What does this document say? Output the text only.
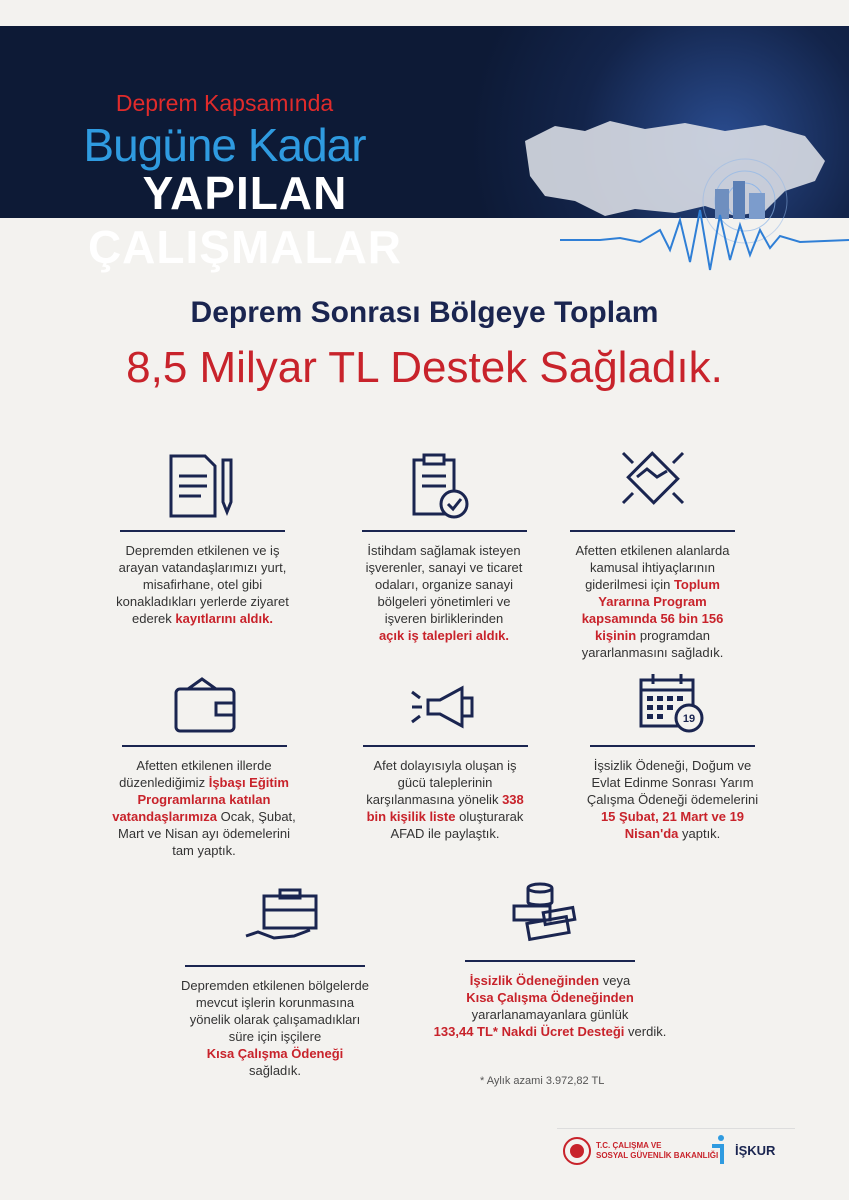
Deprem Kapsamında
Bugüne Kadar
YAPILAN ÇALIŞMALAR
Deprem Sonrası Bölgeye Toplam
8,5 Milyar TL Destek Sağladık.
Depremden etkilenen ve iş arayan vatandaşlarımızı yurt, misafirhane, otel gibi konakladıkları yerlerde ziyaret ederek kayıtlarını aldık.
İstihdam sağlamak isteyen işverenler, sanayi ve ticaret odaları, organize sanayi bölgeleri yönetimleri ve işveren birliklerinden
açık iş talepleri aldık.
Afetten etkilenen alanlarda kamusal ihtiyaçlarının giderilmesi için Toplum Yararına Program kapsamında 56 bin 156 kişinin programdan yararlanmasını sağladık.
19
Afetten etkilenen illerde düzenlediğimiz İşbaşı Eğitim Programlarına katılan vatandaşlarımıza Ocak, Şubat, Mart ve Nisan ayı ödemelerini tam yaptık.
Afet dolayısıyla oluşan iş gücü taleplerinin karşılanmasına yönelik 338 bin kişilik liste oluşturarak AFAD ile paylaştık.
İşsizlik Ödeneği, Doğum ve Evlat Edinme Sonrası Yarım Çalışma Ödeneği ödemelerini 15 Şubat, 21 Mart ve 19 Nisan'da yaptık.
Depremden etkilenen bölgelerde mevcut işlerin korunmasına yönelik olarak çalışamadıkları süre için işçilere
Kısa Çalışma Ödeneği
sağladık.
İşsizlik Ödeneğinden veya
Kısa Çalışma Ödeneğinden
yararlanamayanlara günlük
133,44 TL* Nakdi Ücret Desteği verdik.
* Aylık azami 3.972,82 TL
T.C. ÇALIŞMA VE
SOSYAL GÜVENLİK BAKANLIĞI İŞKUR
